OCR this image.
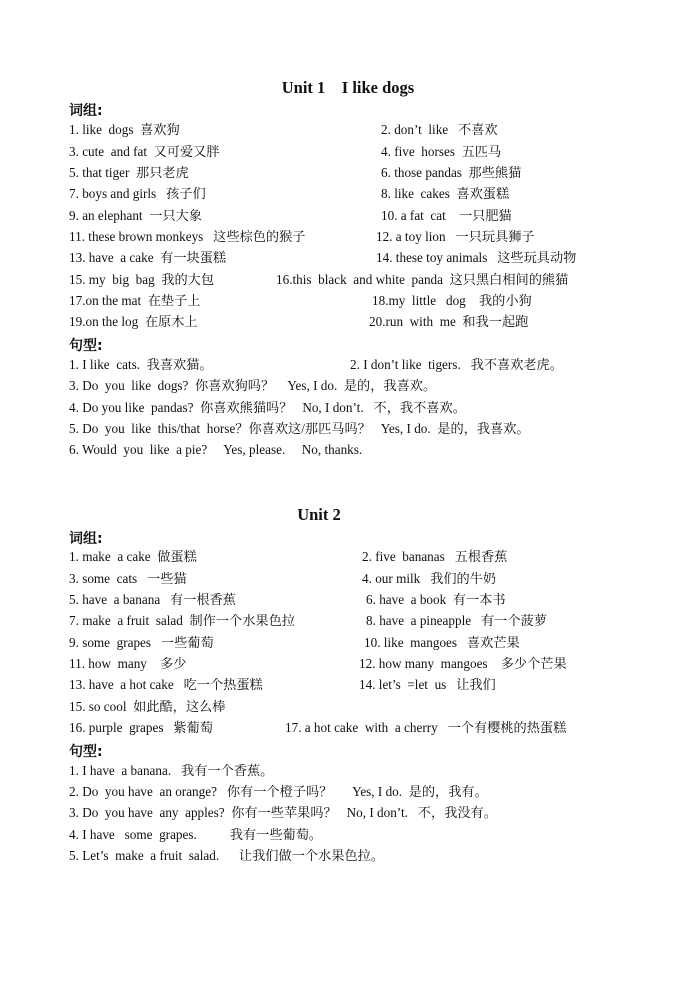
Unit 1    I like dogs
词组:
1. like  dogs  喜欢狗	2. don’t  like   不喜欢
3. cute  and fat  又可爱又胖	4. five  horses  五匹马
5. that tiger  那只老虎	6. those pandas  那些熊猫
7. boys and girls   孩子们	8. like  cakes  喜欢蛋糕
9. an elephant  一只大象	10. a fat  cat    一只肥猫
11. these brown monkeys   这些棕色的猴子	12. a toy lion   一只玩具狮子
13. have  a cake  有一块蛋糕	14. these toy animals   这些玩具动物
15. my  big  bag  我的大包	16.this  black  and white  panda  这只黑白相间的熊猫
17.on the mat  在垫子上	18.my  little   dog    我的小狗
19.on the log  在原木上	20.run  with  me  和我一起跑
句型:
1. I like  cats.  我喜欢猫。	2. I don’t like  tigers.   我不喜欢老虎。
3. Do  you  like  dogs?  你喜欢狗吗？    Yes, I do.  是的，我喜欢。
4. Do you like  pandas?  你喜欢熊猫吗？   No, I don’t.   不，我不喜欢。
5. Do  you  like  this/that  horse？你喜欢这/那匹马吗？   Yes, I do.  是的，我喜欢。
6. Would  you  like  a pie?     Yes, please.     No, thanks.
Unit 2
词组:
1. make  a cake  做蛋糕	2. five  bananas   五根香蕉
3. some  cats   一些猫	4. our milk   我们的牛奶
5. have  a banana   有一根香蕉	6. have  a book  有一本书
7. make  a fruit  salad  制作一个水果色拉	8. have  a pineapple   有一个菠萝
9. some  grapes   一些葡萄	10. like  mangoes   喜欢芒果
11. how  many    多少	12. how many  mangoes    多少个芒果
13. have  a hot cake   吃一个热蛋糕	14. let’s  =let  us   让我们
15. so cool  如此酷，这么棒
16. purple  grapes   紫葡萄	17. a hot cake  with  a cherry   一个有樱桃的热蛋糕
句型:
1. I have  a banana.   我有一个香蕉。
2. Do  you have  an orange?   你有一个橙子吗？      Yes, I do.  是的，我有。
3. Do  you have  any  apples?  你有一些苹果吗？   No, I don’t.   不，我没有。
4. I have   some  grapes.          我有一些葡萄。
5. Let’s  make  a fruit  salad.      让我们做一个水果色拉。
